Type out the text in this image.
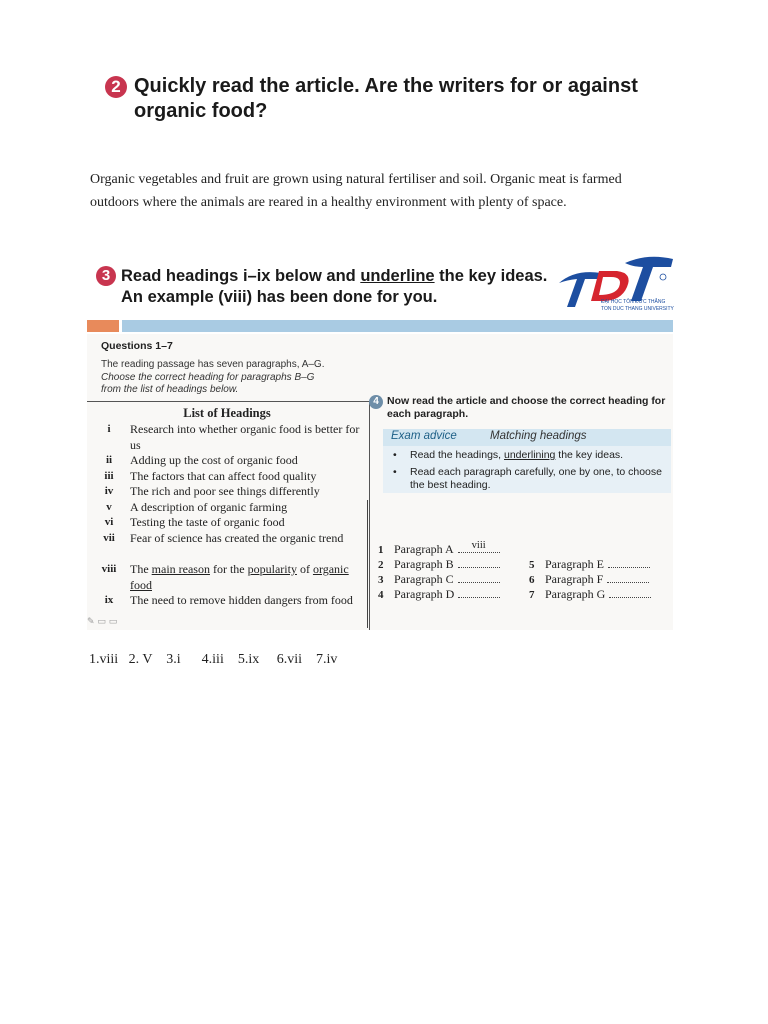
2 Quickly read the article. Are the writers for or against organic food?
Organic vegetables and fruit are grown using natural fertiliser and soil. Organic meat is farmed outdoors where the animals are reared in a healthy environment with plenty of space.
3 Read headings i–ix below and underline the key ideas. An example (viii) has been done for you.	ĐẠI HỌC TÔN ĐỨC THẮNG
TON DUC THANG UNIVERSITY
Questions 1–7
The reading passage has seven paragraphs, A–G.
Choose the correct heading for paragraphs B–G
from the list of headings below.
List of Headings
i	Research into whether organic food is better for us
ii	Adding up the cost of organic food
iii	The factors that can affect food quality
iv	The rich and poor see things differently
v	A description of organic farming
vi	Testing the taste of organic food
vii	Fear of science has created the organic trend
viii	The main reason for the popularity of organic food
ix	The need to remove hidden dangers from food
✎ ▭ ▭
4 Now read the article and choose the correct heading for each paragraph.
Exam advice	Matching headings
• Read the headings, underlining the key ideas.
• Read each paragraph carefully, one by one, to choose the best heading.
1 Paragraph A viii
2 Paragraph B
3 Paragraph C
4 Paragraph D
5 Paragraph E
6 Paragraph F
7 Paragraph G
1.viii   2. V    3.i      4.iii    5.ix     6.vii    7.iv
